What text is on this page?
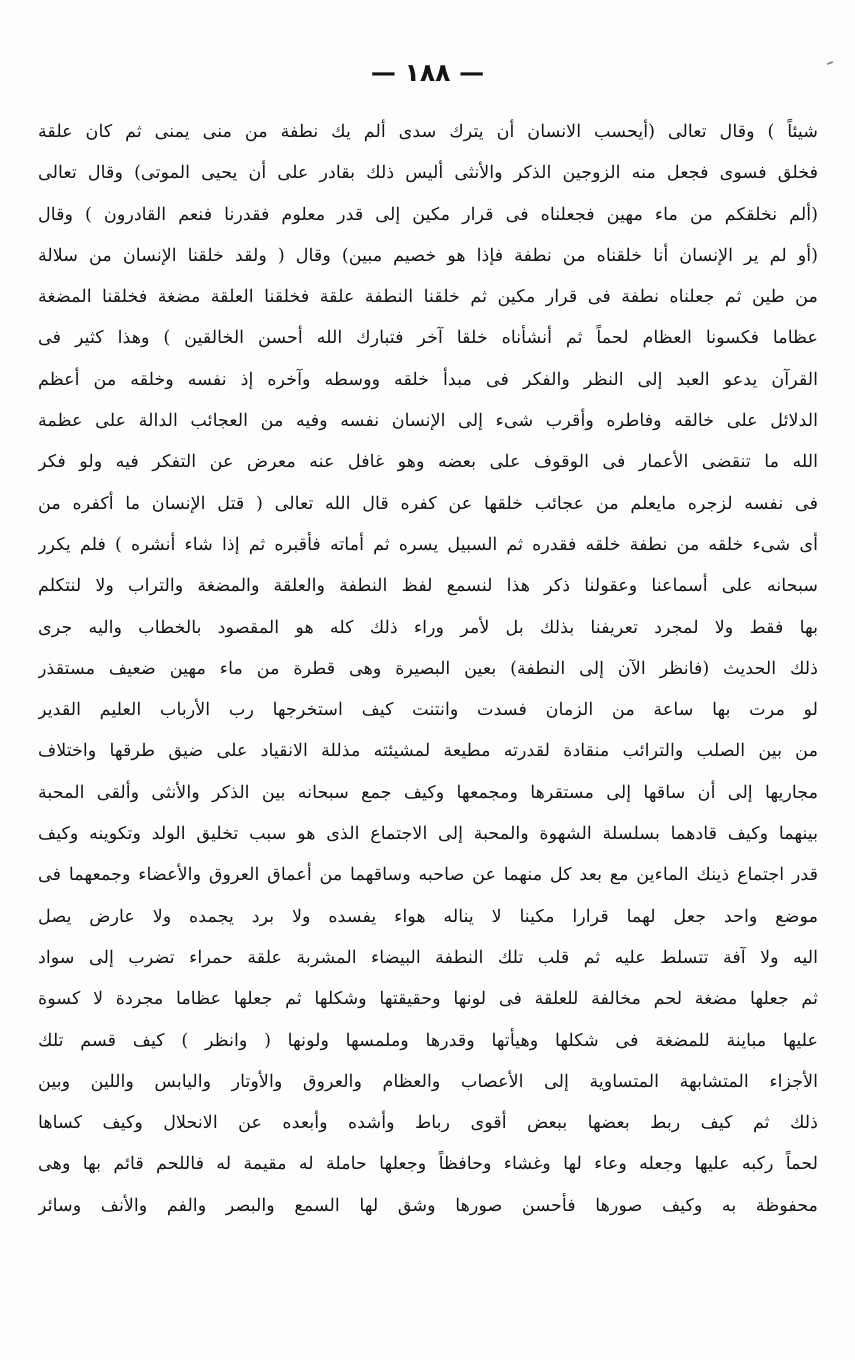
— ١٨٨ —
شيئاً ) وقال تعالى (أيحسب الانسان أن يترك سدى ألم يك نطفة من منى يمنى ثم كان علقة
فخلق فسوى فجعل منه الزوجين الذكر والأنثى أليس ذلك بقادر على أن يحيى الموتى) وقال تعالى
(ألم نخلقكم من ماء مهين فجعلناه فى قرار مكين إلى قدر معلوم فقدرنا فنعم القادرون ) وقال
(أو لم ير الإنسان أنا خلقناه من نطفة فإذا هو خصيم مبين) وقال ( ولقد خلقنا الإنسان من سلالة
من طين ثم جعلناه نطفة فى قرار مكين ثم خلقنا النطفة علقة فخلقنا العلقة مضغة فخلقنا المضغة
عظاما فكسونا العظام لحماً ثم أنشأناه خلقا آخر فتبارك الله أحسن الخالقين ) وهذا كثير فى
القرآن يدعو العبد إلى النظر والفكر فى مبدأ خلقه ووسطه وآخره إذ نفسه وخلقه من أعظم
الدلائل على خالقه وفاطره وأقرب شىء إلى الإنسان نفسه وفيه من العجائب الدالة على عظمة
الله ما تنقضى الأعمار فى الوقوف على بعضه وهو غافل عنه معرض عن التفكر فيه ولو فكر
فى نفسه لزجره مايعلم من عجائب خلقها عن كفره قال الله تعالى ( قتل الإنسان ما أكفره من
أى شىء خلقه من نطفة خلقه فقدره ثم السبيل يسره ثم أماته فأقبره ثم إذا شاء أنشره ) فلم يكرر
سبحانه على أسماعنا وعقولنا ذكر هذا لنسمع لفظ النطفة والعلقة والمضغة والتراب ولا لنتكلم
بها فقط ولا لمجرد تعريفنا بذلك بل لأمر وراء ذلك كله هو المقصود بالخطاب واليه جرى
ذلك الحديث (فانظر الآن إلى النطفة) بعين البصيرة وهى قطرة من ماء مهين ضعيف مستقذر
لو مرت بها ساعة من الزمان فسدت وانتنت كيف استخرجها رب الأرباب العليم القدير
من بين الصلب والترائب منقادة لقدرته مطيعة لمشيئته مذللة الانقياد على ضيق طرقها واختلاف
مجاريها إلى أن ساقها إلى مستقرها ومجمعها وكيف جمع سبحانه بين الذكر والأنثى وألقى المحبة
بينهما وكيف قادهما بسلسلة الشهوة والمحبة إلى الاجتماع الذى هو سبب تخليق الولد وتكوينه وكيف
قدر اجتماع ذينك الماءين مع بعد كل منهما عن صاحبه وساقهما من أعماق العروق والأعضاء وجمعهما فى
موضع واحد جعل لهما قرارا مكينا لا يناله هواء يفسده ولا برد يجمده ولا عارض يصل
اليه ولا آفة تتسلط عليه ثم قلب تلك النطفة البيضاء المشربة علقة حمراء تضرب إلى سواد
ثم جعلها مضغة لحم مخالفة للعلقة فى لونها وحقيقتها وشكلها ثم جعلها عظاما مجردة لا كسوة
عليها مباينة للمضغة فى شكلها وهيأتها وقدرها وملمسها ولونها ( وانظر ) كيف قسم تلك
الأجزاء المتشابهة المتساوية إلى الأعصاب والعظام والعروق والأوتار واليابس واللين وبين
ذلك ثم كيف ربط بعضها ببعض أقوى رباط وأشده وأبعده عن الانحلال وكيف كساها
لحماً ركبه عليها وجعله وعاء لها وغشاء وحافظاً وجعلها حاملة له مقيمة له فاللحم قائم بها وهى
محفوظة به وكيف صورها فأحسن صورها وشق لها السمع والبصر والفم والأنف وسائر
